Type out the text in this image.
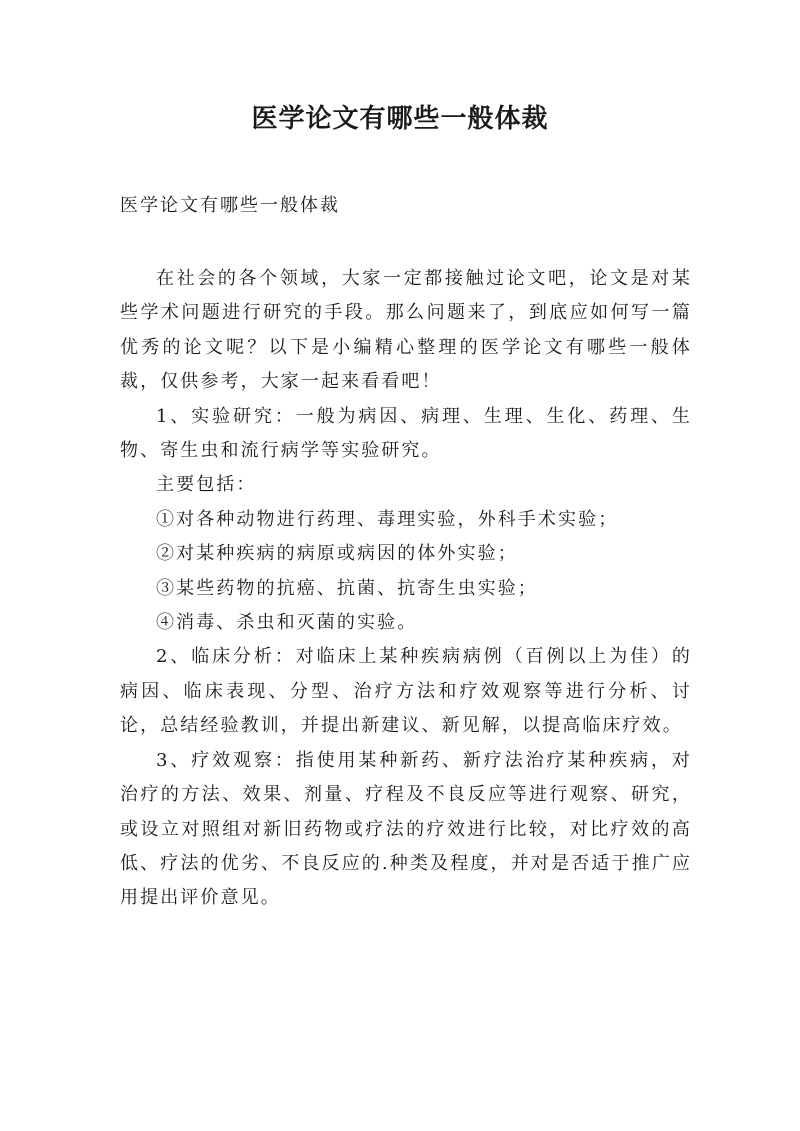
医学论文有哪些一般体裁

医学论文有哪些一般体裁

在社会的各个领域，大家一定都接触过论文吧，论文是对某些学术问题进行研究的手段。那么问题来了，到底应如何写一篇优秀的论文呢？以下是小编精心整理的医学论文有哪些一般体裁，仅供参考，大家一起来看看吧！

1、实验研究：一般为病因、病理、生理、生化、药理、生物、寄生虫和流行病学等实验研究。

主要包括：

①对各种动物进行药理、毒理实验，外科手术实验；

②对某种疾病的病原或病因的体外实验；

③某些药物的抗癌、抗菌、抗寄生虫实验；

④消毒、杀虫和灭菌的实验。

2、临床分析：对临床上某种疾病病例（百例以上为佳）的病因、临床表现、分型、治疗方法和疗效观察等进行分析、讨论，总结经验教训，并提出新建议、新见解，以提高临床疗效。

3、疗效观察：指使用某种新药、新疗法治疗某种疾病，对治疗的方法、效果、剂量、疗程及不良反应等进行观察、研究，或设立对照组对新旧药物或疗法的疗效进行比较，对比疗效的高低、疗法的优劣、不良反应的.种类及程度，并对是否适于推广应用提出评价意见。
